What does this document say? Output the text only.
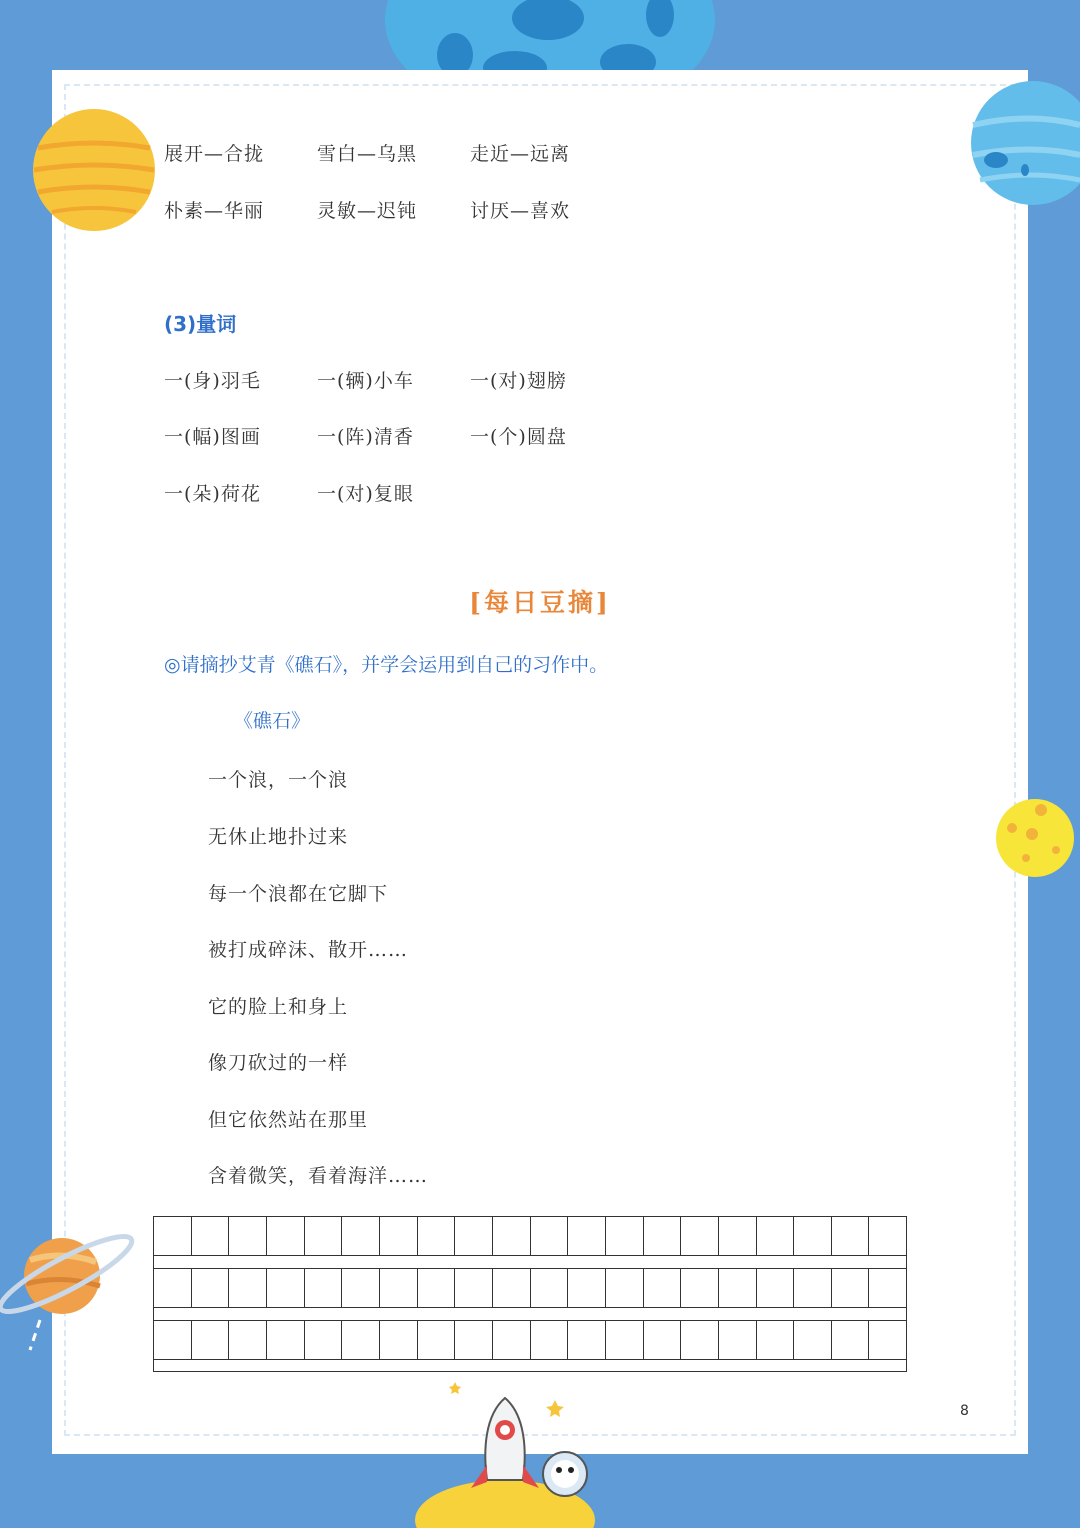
展开—合拢	雪白—乌黑	走近—远离
朴素—华丽	灵敏—迟钝	讨厌—喜欢
(3)量词
一(身)羽毛	一(辆)小车	一(对)翅膀
一(幅)图画	一(阵)清香	一(个)圆盘
一(朵)荷花	一(对)复眼
[每日豆摘]
◎请摘抄艾青《礁石》，并学会运用到自己的习作中。
《礁石》
一个浪，一个浪
无休止地扑过来
每一个浪都在它脚下
被打成碎沫、散开……
它的脸上和身上
像刀砍过的一样
但它依然站在那里
含着微笑，看着海洋……
8
